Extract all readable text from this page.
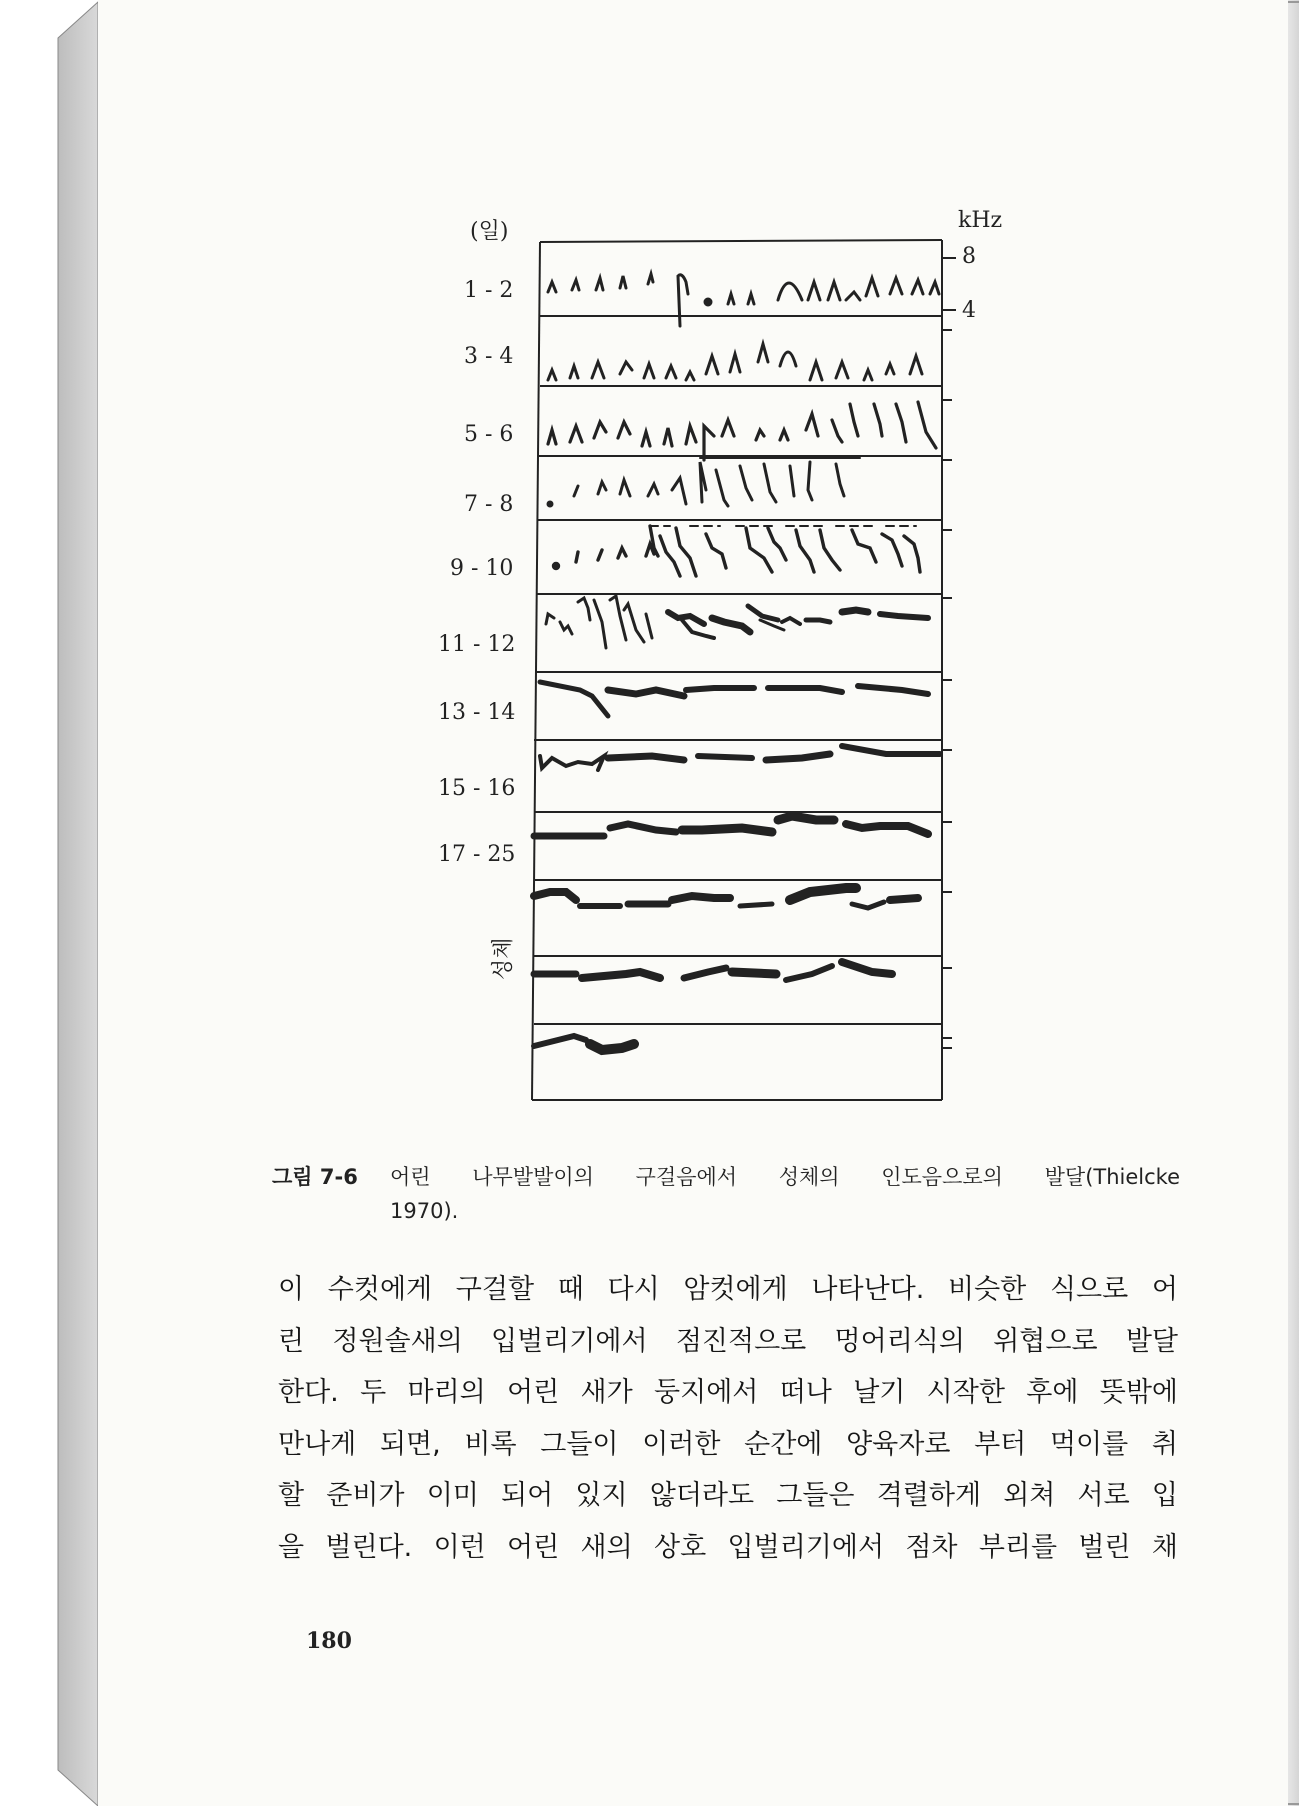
(일)	kHz
8
4
1 - 2
3 - 4
5 - 6
7 - 8
9 - 10
11 - 12
13 - 14
15 - 16
17 - 25
성체
그림 7-6 어린 나무발발이의 구걸음에서 성체의 인도음으로의 발달(Thielcke
1970).
이 수컷에게 구걸할 때 다시 암컷에게 나타난다. 비슷한 식으로 어
린 정원솔새의 입벌리기에서 점진적으로 멍어리식의 위협으로 발달
한다. 두 마리의 어린 새가 둥지에서 떠나 날기 시작한 후에 뜻밖에
만나게 되면, 비록 그들이 이러한 순간에 양육자로 부터 먹이를 취
할 준비가 이미 되어 있지 않더라도 그들은 격렬하게 외쳐 서로 입
을 벌린다. 이런 어린 새의 상호 입벌리기에서 점차 부리를 벌린 채
180
